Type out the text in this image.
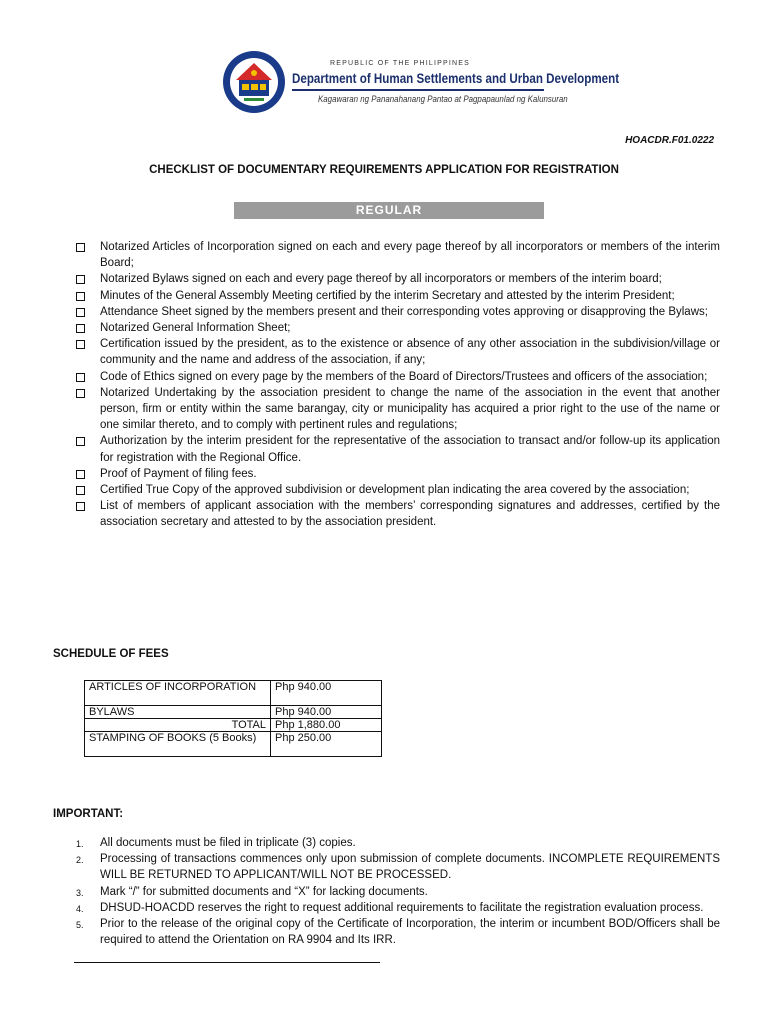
REPUBLIC OF THE PHILIPPINES
Department of Human Settlements and Urban Development
Kagawaran ng Pananahanang Pantao at Pagpapaunlad ng Kalunsuran
HOACDR.F01.0222
CHECKLIST OF DOCUMENTARY REQUIREMENTS APPLICATION FOR REGISTRATION
REGULAR
Notarized Articles of Incorporation signed on each and every page thereof by all incorporators or members of the interim Board;
Notarized Bylaws signed on each and every page thereof by all incorporators or members of the interim board;
Minutes of the General Assembly Meeting certified by the interim Secretary and attested by the interim President;
Attendance Sheet signed by the members present and their corresponding votes approving or disapproving the Bylaws;
Notarized General Information Sheet;
Certification issued by the president, as to the existence or absence of any other association in the subdivision/village or community and the name and address of the association, if any;
Code of Ethics signed on every page by the members of the Board of Directors/Trustees and officers of the association;
Notarized Undertaking by the association president to change the name of the association in the event that another person, firm or entity within the same barangay, city or municipality has acquired a prior right to the use of the name or one similar thereto, and to comply with pertinent rules and regulations;
Authorization by the interim president for the representative of the association to transact and/or follow-up its application for registration with the Regional Office.
Proof of Payment of filing fees.
Certified True Copy of the approved subdivision or development plan indicating the area covered by the association;
List of members of applicant association with the members’ corresponding signatures and addresses, certified by the association secretary and attested to by the association president.
SCHEDULE OF FEES
ARTICLES OF INCORPORATION	Php 940.00
BYLAWS	Php 940.00
TOTAL	Php 1,880.00
STAMPING OF BOOKS (5 Books)	Php 250.00
IMPORTANT:
1. All documents must be filed in triplicate (3) copies.
2. Processing of transactions commences only upon submission of complete documents. INCOMPLETE REQUIREMENTS WILL BE RETURNED TO APPLICANT/WILL NOT BE PROCESSED.
3. Mark “/” for submitted documents and “X” for lacking documents.
4. DHSUD-HOACDD reserves the right to request additional requirements to facilitate the registration evaluation process.
5. Prior to the release of the original copy of the Certificate of Incorporation, the interim or incumbent BOD/Officers shall be required to attend the Orientation on RA 9904 and Its IRR.
